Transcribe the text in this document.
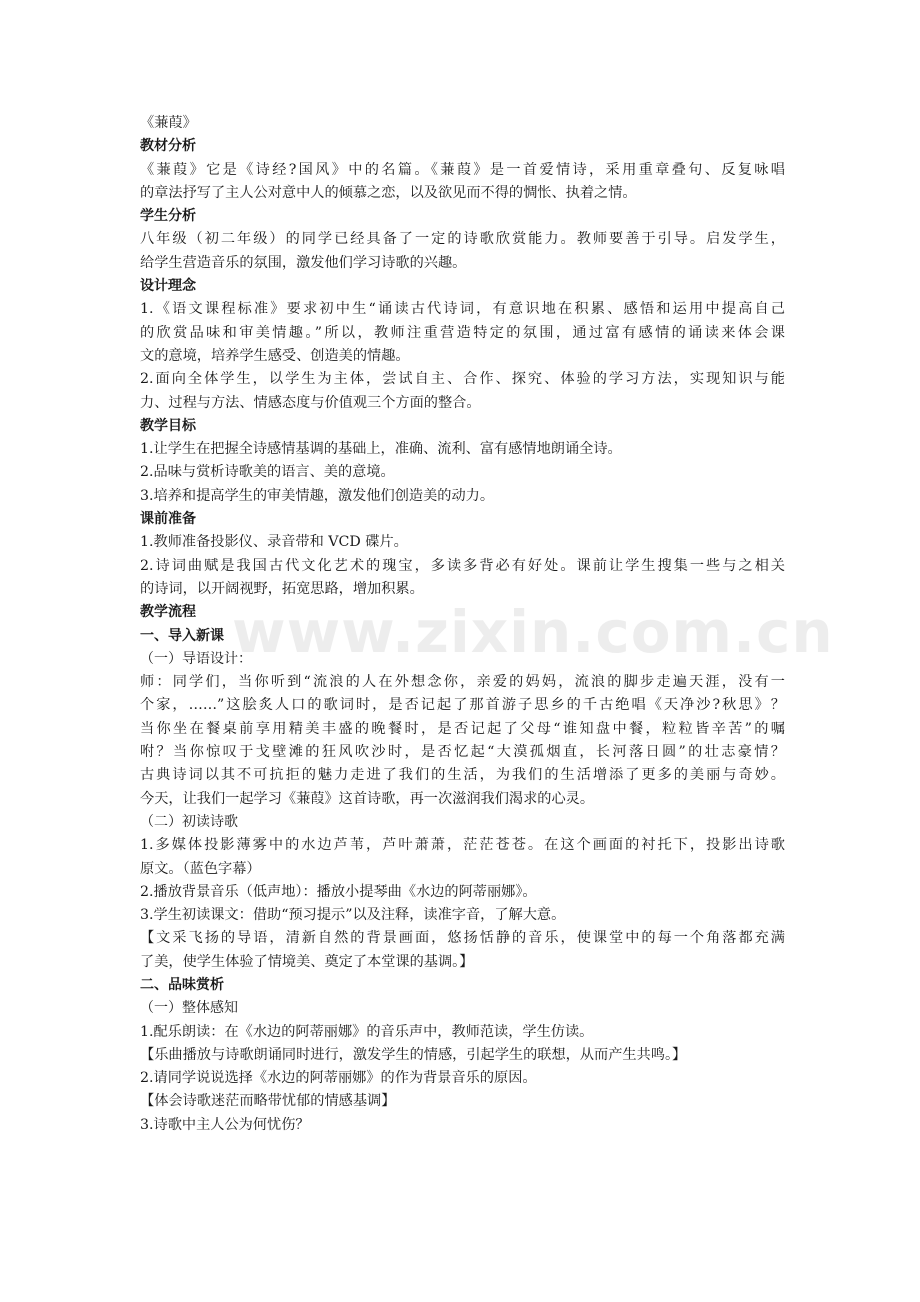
www.zixin.com.cn
《蒹葭》
教材分析
《蒹葭》它是《诗经?国风》中的名篇。《蒹葭》是一首爱情诗，采用重章叠句、反复咏唱
的章法抒写了主人公对意中人的倾慕之恋，以及欲见而不得的惆怅、执着之情。
学生分析
八年级（初二年级）的同学已经具备了一定的诗歌欣赏能力。教师要善于引导。启发学生，
给学生营造音乐的氛围，激发他们学习诗歌的兴趣。
设计理念
1.《语文课程标准》要求初中生“诵读古代诗词，有意识地在积累、感悟和运用中提高自己
的欣赏品味和审美情趣。”所以，教师注重营造特定的氛围，通过富有感情的诵读来体会课
文的意境，培养学生感受、创造美的情趣。
2.面向全体学生，以学生为主体，尝试自主、合作、探究、体验的学习方法，实现知识与能
力、过程与方法、情感态度与价值观三个方面的整合。
教学目标
1.让学生在把握全诗感情基调的基础上，准确、流利、富有感情地朗诵全诗。
2.品味与赏析诗歌美的语言、美的意境。
3.培养和提高学生的审美情趣，激发他们创造美的动力。
课前准备
1.教师准备投影仪、录音带和 VCD 碟片。
2.诗词曲赋是我国古代文化艺术的瑰宝，多读多背必有好处。课前让学生搜集一些与之相关
的诗词，以开阔视野，拓宽思路，增加积累。
教学流程
一、导入新课
（一）导语设计：
师：同学们，当你听到“流浪的人在外想念你，亲爱的妈妈，流浪的脚步走遍天涯，没有一
个家，……”这脍炙人口的歌词时，是否记起了那首游子思乡的千古绝唱《天净沙?秋思》？
当你坐在餐桌前享用精美丰盛的晚餐时，是否记起了父母“谁知盘中餐，粒粒皆辛苦”的嘱
咐？当你惊叹于戈壁滩的狂风吹沙时，是否忆起“大漠孤烟直，长河落日圆”的壮志豪情？
古典诗词以其不可抗拒的魅力走进了我们的生活，为我们的生活增添了更多的美丽与奇妙。
今天，让我们一起学习《蒹葭》这首诗歌，再一次滋润我们渴求的心灵。
（二）初读诗歌
1.多媒体投影薄雾中的水边芦苇，芦叶萧萧，茫茫苍苍。在这个画面的衬托下，投影出诗歌
原文。（蓝色字幕）
2.播放背景音乐（低声地）：播放小提琴曲《水边的阿蒂丽娜》。
3.学生初读课文：借助“预习提示”以及注释，读准字音，了解大意。
【文采飞扬的导语，清新自然的背景画面，悠扬恬静的音乐，使课堂中的每一个角落都充满
了美，使学生体验了情境美、奠定了本堂课的基调。】
二、品味赏析
（一）整体感知
1.配乐朗读：在《水边的阿蒂丽娜》的音乐声中，教师范读，学生仿读。
【乐曲播放与诗歌朗诵同时进行，激发学生的情感，引起学生的联想，从而产生共鸣。】
2.请同学说说选择《水边的阿蒂丽娜》的作为背景音乐的原因。
【体会诗歌迷茫而略带忧郁的情感基调】
3.诗歌中主人公为何忧伤？
